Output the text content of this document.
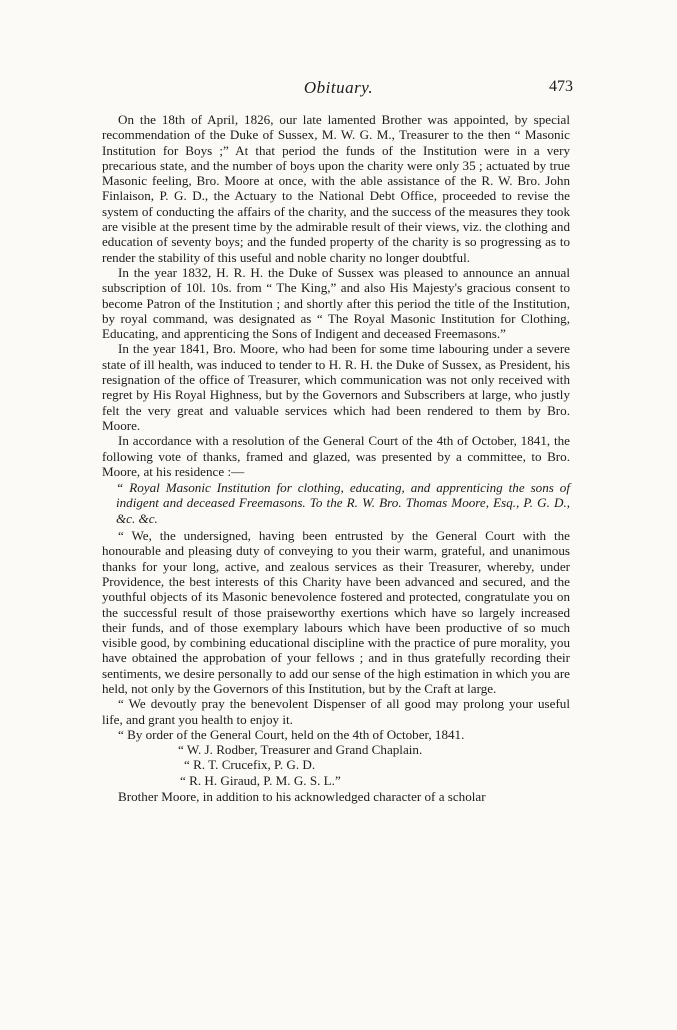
Obituary.	473

On the 18th of April, 1826, our late lamented Brother was appointed, by special recommendation of the Duke of Sussex, M. W. G. M., Treasurer to the then “ Masonic Institution for Boys ;” At that period the funds of the Institution were in a very precarious state, and the number of boys upon the charity were only 35 ; actuated by true Masonic feeling, Bro. Moore at once, with the able assistance of the R. W. Bro. John Finlaison, P. G. D., the Actuary to the National Debt Office, proceeded to revise the system of conducting the affairs of the charity, and the success of the measures they took are visible at the present time by the admirable result of their views, viz. the clothing and education of seventy boys; and the funded property of the charity is so progressing as to render the stability of this useful and noble charity no longer doubtful.

In the year 1832, H. R. H. the Duke of Sussex was pleased to announce an annual subscription of 10l. 10s. from “ The King,” and also His Majesty's gracious consent to become Patron of the Institution ; and shortly after this period the title of the Institution, by royal command, was designated as “ The Royal Masonic Institution for Clothing, Educating, and apprenticing the Sons of Indigent and deceased Freemasons.”

In the year 1841, Bro. Moore, who had been for some time labouring under a severe state of ill health, was induced to tender to H. R. H. the Duke of Sussex, as President, his resignation of the office of Treasurer, which communication was not only received with regret by His Royal Highness, but by the Governors and Subscribers at large, who justly felt the very great and valuable services which had been rendered to them by Bro. Moore.

In accordance with a resolution of the General Court of the 4th of October, 1841, the following vote of thanks, framed and glazed, was presented by a committee, to Bro. Moore, at his residence :—

“ Royal Masonic Institution for clothing, educating, and apprenticing the sons of indigent and deceased Freemasons. To the R. W. Bro. Thomas Moore, Esq., P. G. D., &c. &c.

“ We, the undersigned, having been entrusted by the General Court with the honourable and pleasing duty of conveying to you their warm, grateful, and unanimous thanks for your long, active, and zealous services as their Treasurer, whereby, under Providence, the best interests of this Charity have been advanced and secured, and the youthful objects of its Masonic benevolence fostered and protected, congratulate you on the successful result of those praiseworthy exertions which have so largely increased their funds, and of those exemplary labours which have been productive of so much visible good, by combining educational discipline with the practice of pure morality, you have obtained the approbation of your fellows ; and in thus gratefully recording their sentiments, we desire personally to add our sense of the high estimation in which you are held, not only by the Governors of this Institution, but by the Craft at large.

“ We devoutly pray the benevolent Dispenser of all good may prolong your useful life, and grant you health to enjoy it.

“ By order of the General Court, held on the 4th of October, 1841.

“ W. J. Rodber, Treasurer and Grand Chaplain.

“ R. T. Crucefix, P. G. D.

“ R. H. Giraud, P. M. G. S. L.”

Brother Moore, in addition to his acknowledged character of a scholar
